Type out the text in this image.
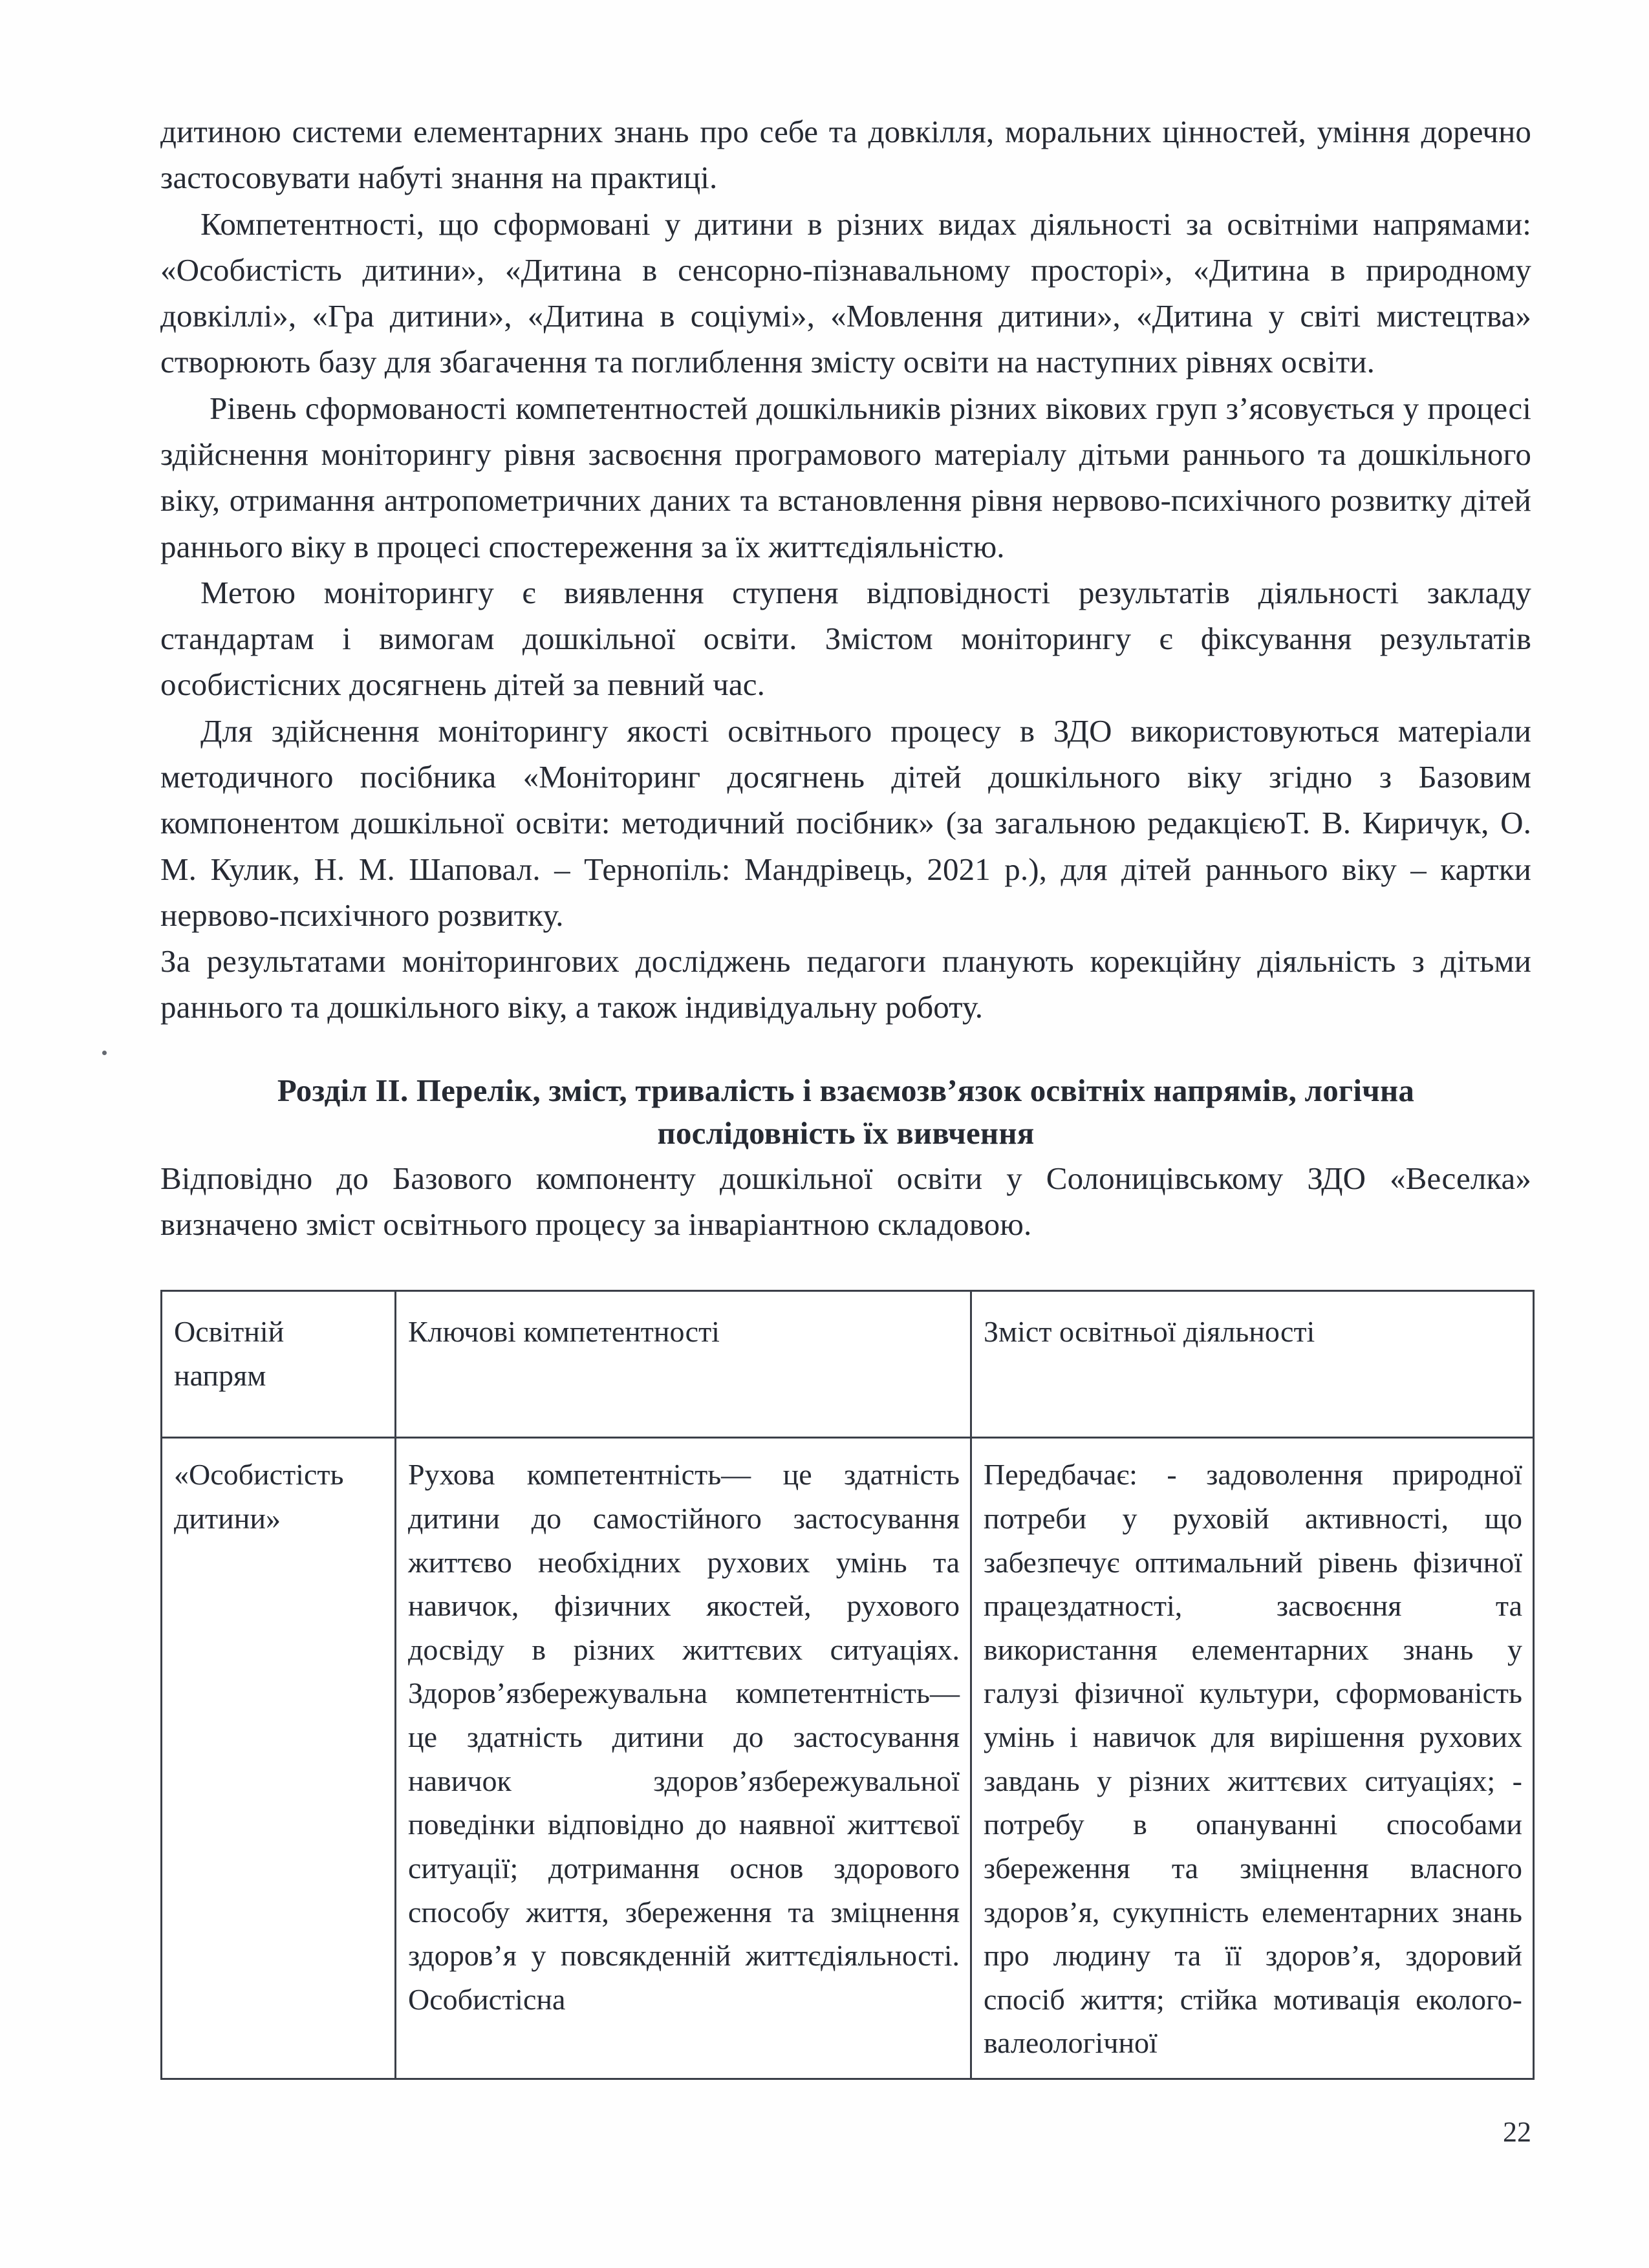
дитиною системи елементарних знань про себе та довкілля, моральних цінностей, уміння доречно застосовувати набуті знання на практиці.

Компетентності, що сформовані у дитини в різних видах діяльності за освітніми напрямами: «Особистість дитини», «Дитина в сенсорно-пізнавальному просторі», «Дитина в природному довкіллі», «Гра дитини», «Дитина в соціумі», «Мовлення дитини», «Дитина у світі мистецтва» створюють базу для збагачення та поглиблення змісту освіти на наступних рівнях освіти.

Рівень сформованості компетентностей дошкільників різних вікових груп з’ясовується у процесі здійснення моніторингу рівня засвоєння програмового матеріалу дітьми раннього та дошкільного віку, отримання антропометричних даних та встановлення рівня нервово-психічного розвитку дітей раннього віку в процесі спостереження за їх життєдіяльністю.

Метою моніторингу є виявлення ступеня відповідності результатів діяльності закладу стандартам і вимогам дошкільної освіти. Змістом моніторингу є фіксування результатів особистісних досягнень дітей за певний час.

Для здійснення моніторингу якості освітнього процесу в ЗДО використовуються матеріали методичного посібника «Моніторинг досягнень дітей дошкільного віку згідно з Базовим компонентом дошкільної освіти: методичний посібник» (за загальною редакцієюТ. В. Киричук, О. М. Кулик, Н. М. Шаповал. – Тернопіль: Мандрівець, 2021 р.), для дітей раннього віку – картки нервово-психічного розвитку.

За результатами моніторингових досліджень педагоги планують корекційну діяльність з дітьми раннього та дошкільного віку, а також індивідуальну роботу.

Розділ II. Перелік, зміст, тривалість і взаємозв’язок освітніх напрямів, логічна
послідовність їх вивчення

Відповідно до Базового компоненту дошкільної освіти у Солоницівському ЗДО «Веселка» визначено зміст освітнього процесу за інваріантною складовою.

Освітній
напрям	Ключові компетентності	Зміст освітньої діяльності
«Особистість дитини»	Рухова компетентність— це здатність дитини до самостійного застосування життєво необхідних рухових умінь та навичок, фізичних якостей, рухового досвіду в різних життєвих ситуаціях. Здоров’язбережувальна компетентність— це здатність дитини до застосування навичок здоров’язбережувальної поведінки відповідно до наявної життєвої ситуації; дотримання основ здорового способу життя, збереження та зміцнення здоров’я у повсякденній життєдіяльності. Особистісна	Передбачає: - задоволення природної потреби у руховій активності, що забезпечує оптимальний рівень фізичної працездатності, засвоєння та використання елементарних знань у галузі фізичної культури, сформованість умінь і навичок для вирішення рухових завдань у різних життєвих ситуаціях; - потребу в опануванні способами збереження та зміцнення власного здоров’я, сукупність елементарних знань про людину та її здоров’я, здоровий спосіб життя; стійка мотивація еколого-валеологічної
22
